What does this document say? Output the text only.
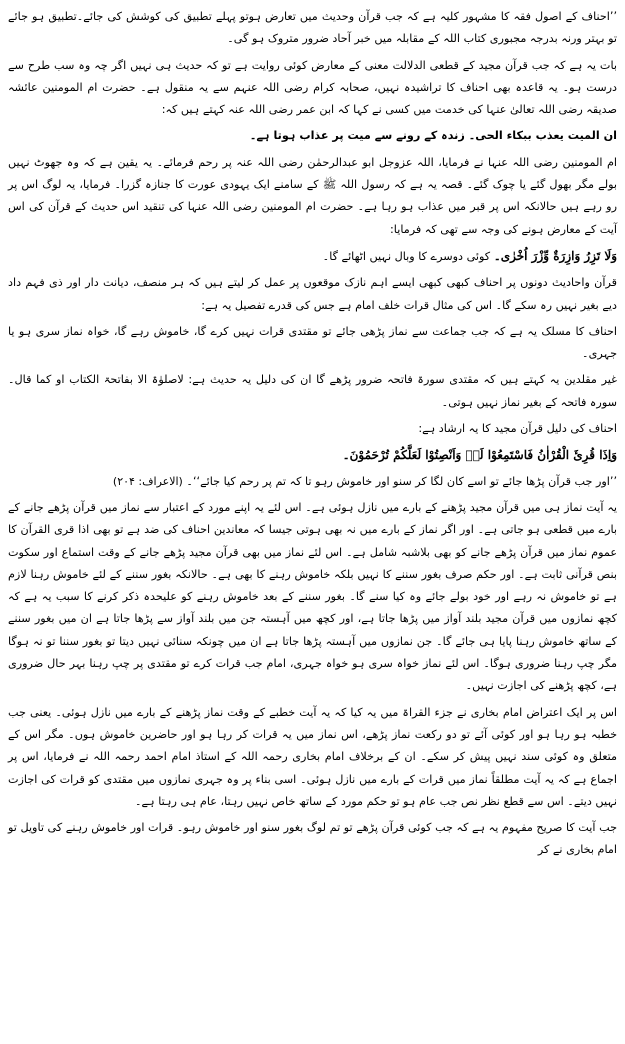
’’احناف کے اصول فقہ کا مشہور کلیہ ہے کہ جب قرآن وحدیث میں تعارض ہوتو پہلے تطبیق کی کوشش کی جائے۔تطبیق ہو جائے تو بہتر ورنہ بدرجہ مجبوری کتاب اللہ کے مقابلہ میں خبر آحاد ضرور متروک ہو گی۔

بات یہ ہے کہ جب قرآن مجید کے قطعی الدلالت معنی کے معارض کوئی روایت ہے تو کہ حدیث ہی نہیں اگر چہ وہ سب طرح سے درست ہو۔ یہ قاعدہ بھی احناف کا تراشیدہ نہیں، صحابہ کرام رضی اللہ عنہم سے یہ منقول ہے۔ حضرت ام المومنین عائشہ صدیقہ رضی اللہ تعالیٰ عنہا کی خدمت میں کسی نے کہا کہ ابن عمر رضی اللہ عنہ کہتے ہیں کہ:

ان المیت یعذب ببکاء الحی۔ زندہ کے رونے سے میت پر عذاب ہوتا ہے۔

ام المومنین رضی اللہ عنہا نے فرمایا، اللہ عزوجل ابو عبدالرحمٰن رضی اللہ عنہ پر رحم فرمائے۔ یہ یقین ہے کہ وہ جھوٹ نہیں بولے مگر بھول گئے یا چوک گئے۔ قصہ یہ ہے کہ رسول اللہ ﷺ کے سامنے ایک یہودی عورت کا جنازہ گزرا۔ فرمایا، یہ لوگ اس پر رو رہے ہیں حالانکہ اس پر قبر میں عذاب ہو رہا ہے۔ حضرت ام المومنین رضی اللہ عنہا کی تنقید اس حدیث کے قرآن کی اس آیت کے معارض ہونے کی وجہ سے تھی کہ فرمایا:

وَلَا تَزِرُ وَازِرَةٌ وِّزْرَ اُخْرٰی۔ کوئی دوسرے کا وبال نہیں اٹھائے گا۔

قرآن واحادیث دونوں پر احناف کبھی کبھی ایسے اہم نازک موقعوں پر عمل کر لیتے ہیں کہ ہر منصف، دیانت دار اور ذی فہم داد دیے بغیر نہیں رہ سکے گا۔ اس کی مثال قرات خلف امام ہے جس کی قدرے تفصیل یہ ہے:

احناف کا مسلک یہ ہے کہ جب جماعت سے نماز پڑھی جائے تو مقتدی قرات نہیں کرے گا، خاموش رہے گا، خواہ نماز سری ہو یا جہری۔

غیر مقلدین یہ کہتے ہیں کہ مقتدی سورۃ فاتحہ ضرور پڑھے گا ان کی دلیل یہ حدیث ہے: لاصلوٰۃ الا بفاتحۃ الکتاب او کما قال۔ سورہ فاتحہ کے بغیر نماز نہیں ہوتی۔

احناف کی دلیل قرآن مجید کا یہ ارشاد ہے:

وَاِذَا قُرِیَٔ الْقُرْاٰنُ فَاسْتَمِعُوْا لَہٗ وَاَنْصِتُوْا لَعَلَّکُمْ تُرْحَمُوْنَ۔

’’اور جب قرآن پڑھا جائے تو اسے کان لگا کر سنو اور خاموش رہو تا کہ تم پر رحم کیا جائے‘‘۔ (الاعراف: ۲۰۴)

یہ آیت نماز ہی میں قرآن مجید پڑھنے کے بارے میں نازل ہوئی ہے۔ اس لئے یہ اپنے مورد کے اعتبار سے نماز میں قرآن پڑھے جانے کے بارے میں قطعی ہو جاتی ہے۔ اور اگر نماز کے بارے میں نہ بھی ہوتی جیسا کہ معاندین احناف کی ضد ہے تو بھی اذا قری القرآن کا عموم نماز میں قرآن پڑھے جانے کو بھی بلاشبہ شامل ہے۔ اس لئے نماز میں بھی قرآن مجید پڑھے جانے کے وقت استماع اور سکوت بنص قرآنی ثابت ہے۔ اور حکم صرف بغور سننے کا نہیں بلکہ خاموش رہنے کا بھی ہے۔ حالانکہ بغور سننے کے لئے خاموش رہنا لازم ہے تو خاموش نہ رہے اور خود بولے جائے وہ کیا سنے گا۔ بغور سننے کے بعد خاموش رہنے کو علیحدہ ذکر کرنے کا سبب یہ ہے کہ کچھ نمازوں میں قرآن مجید بلند آواز میں پڑھا جاتا ہے، اور کچھ میں آہستہ جن میں بلند آواز سے پڑھا جاتا ہے ان میں بغور سننے کے ساتھ خاموش رہنا پایا ہی جائے گا۔ جن نمازوں میں آہستہ پڑھا جاتا ہے ان میں چونکہ سنائی نہیں دیتا تو بغور سننا تو نہ ہوگا مگر چپ رہنا ضروری ہوگا۔ اس لئے نماز خواہ سری ہو خواہ جہری، امام جب قرات کرے تو مقتدی پر چپ رہنا بہر حال ضروری ہے، کچھ پڑھنے کی اجازت نہیں۔

اس پر ایک اعتراض امام بخاری نے جزء القراۃ میں یہ کیا کہ یہ آیت خطبے کے وقت نماز پڑھنے کے بارے میں نازل ہوئی۔ یعنی جب خطبہ ہو رہا ہو اور کوئی آئے تو دو رکعت نماز پڑھے، اس نماز میں یہ قرات کر رہا ہو اور حاضرین خاموش ہوں۔ مگر اس کے متعلق وہ کوئی سند نہیں پیش کر سکے۔ ان کے برخلاف امام بخاری رحمہ اللہ کے استاذ امام احمد رحمہ اللہ نے فرمایا، اس پر اجماع ہے کہ یہ آیت مطلقاً نماز میں قرات کے بارے میں نازل ہوئی۔ اسی بناء پر وہ جہری نمازوں میں مقتدی کو قرات کی اجازت نہیں دیتے۔ اس سے قطع نظر نص جب عام ہو تو حکم مورد کے ساتھ خاص نہیں رہتا، عام ہی رہتا ہے۔

جب آیت کا صریح مفہوم یہ ہے کہ جب کوئی قرآن پڑھے تو تم لوگ بغور سنو اور خاموش رہو۔ قرات اور خاموش رہنے کی تاویل تو امام بخاری نے کر
